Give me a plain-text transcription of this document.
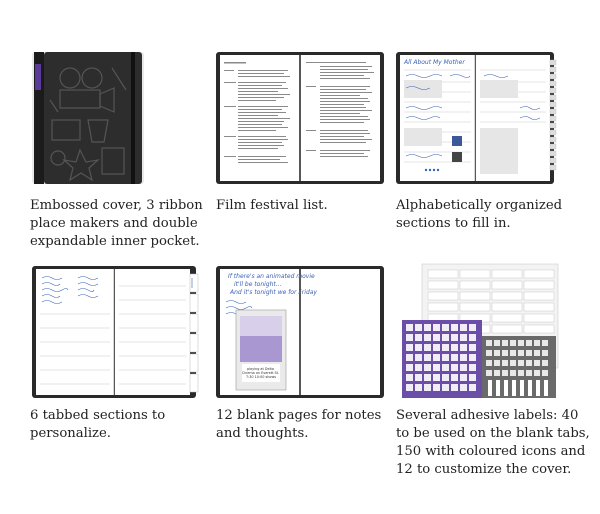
Embossed cover, 3 ribbon
place makers and double
expandable inner pocket.
Film festival list.
All About My Mother
Alphabetically organized
sections to fill in.
6 tabbed sections to
personalize.
If there's an animated movie
it'll be tonight...
And it's tonight we for Friday
playing at Delta Cinema on Everett St. 7:30 10:00 shows
12 blank pages for notes
and thoughts.
Several adhesive labels: 40
to be used on the blank tabs,
150 with coloured icons and
12 to customize the cover.
